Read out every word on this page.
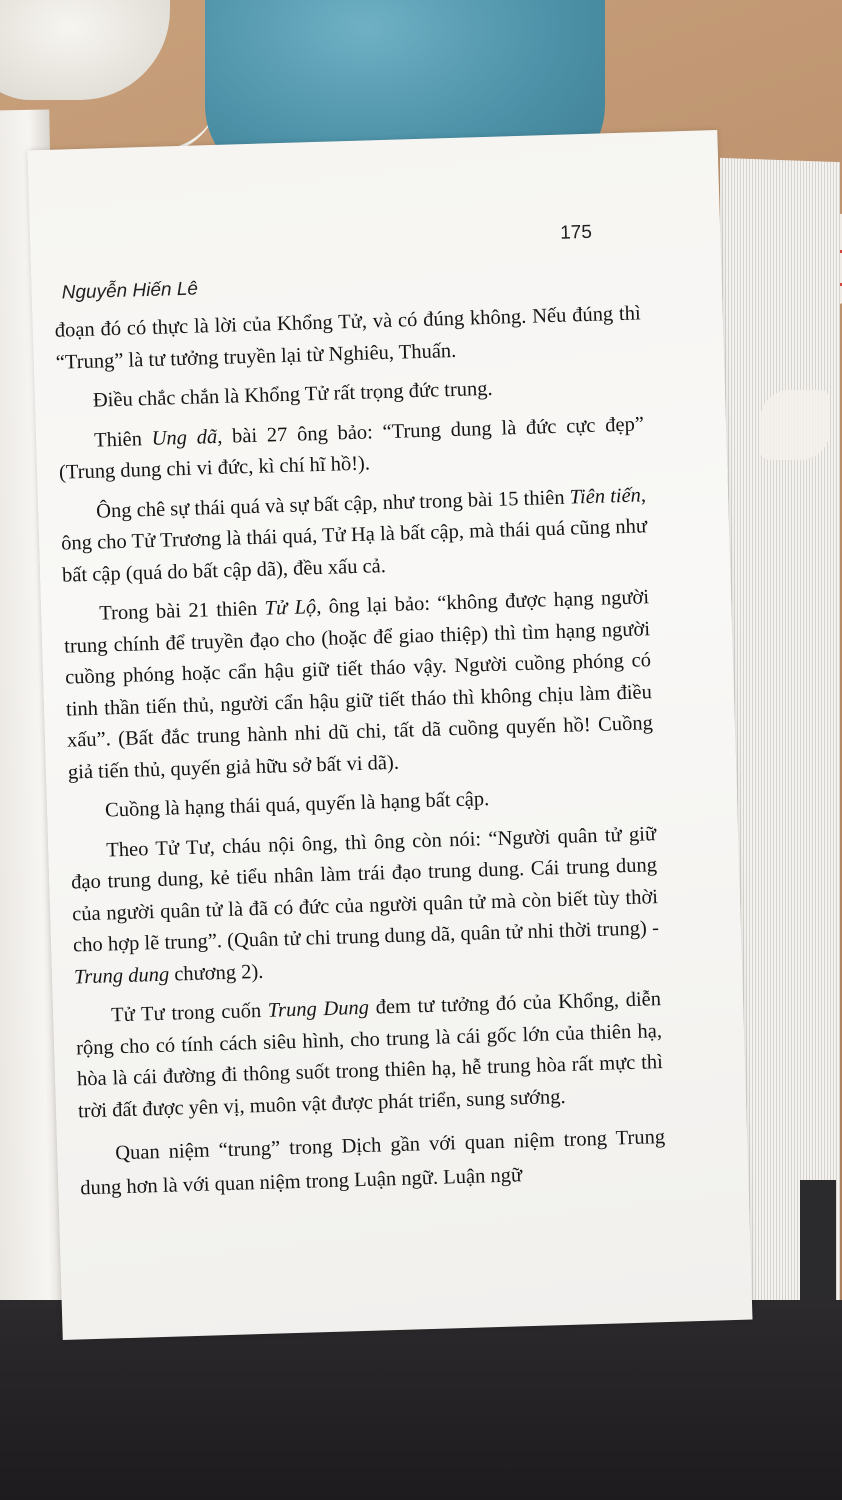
175
Nguyễn Hiến Lê

đoạn đó có thực là lời của Khổng Tử, và có đúng không. Nếu đúng thì “Trung” là tư tưởng truyền lại từ Nghiêu, Thuấn.

Điều chắc chắn là Khổng Tử rất trọng đức trung.

Thiên Ung dã, bài 27 ông bảo: “Trung dung là đức cực đẹp” (Trung dung chi vi đức, kì chí hĩ hồ!).

Ông chê sự thái quá và sự bất cập, như trong bài 15 thiên Tiên tiến, ông cho Tử Trương là thái quá, Tử Hạ là bất cập, mà thái quá cũng như bất cập (quá do bất cập dã), đều xấu cả.

Trong bài 21 thiên Tử Lộ, ông lại bảo: “không được hạng người trung chính để truyền đạo cho (hoặc để giao thiệp) thì tìm hạng người cuồng phóng hoặc cẩn hậu giữ tiết tháo vậy. Người cuồng phóng có tinh thần tiến thủ, người cẩn hậu giữ tiết tháo thì không chịu làm điều xấu”. (Bất đắc trung hành nhi dũ chi, tất dã cuồng quyến hồ! Cuồng giả tiến thủ, quyến giả hữu sở bất vi dã).

Cuồng là hạng thái quá, quyến là hạng bất cập.

Theo Tử Tư, cháu nội ông, thì ông còn nói: “Người quân tử giữ đạo trung dung, kẻ tiểu nhân làm trái đạo trung dung. Cái trung dung của người quân tử là đã có đức của người quân tử mà còn biết tùy thời cho hợp lẽ trung”. (Quân tử chi trung dung dã, quân tử nhi thời trung) - Trung dung chương 2).

Tử Tư trong cuốn Trung Dung đem tư tưởng đó của Khổng, diễn rộng cho có tính cách siêu hình, cho trung là cái gốc lớn của thiên hạ, hòa là cái đường đi thông suốt trong thiên hạ, hễ trung hòa rất mực thì trời đất được yên vị, muôn vật được phát triển, sung sướng.

Quan niệm “trung” trong Dịch gần với quan niệm trong Trung dung hơn là với quan niệm trong Luận ngữ. Luận ngữ
